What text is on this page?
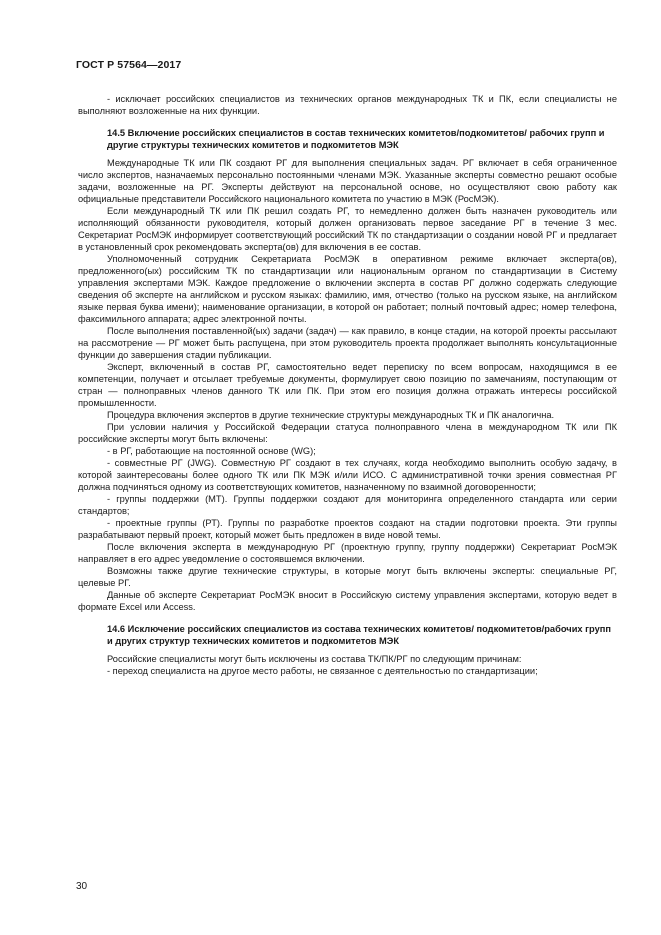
ГОСТ Р 57564—2017

- исключает российских специалистов из технических органов международных ТК и ПК, если специалисты не выполняют возложенные на них функции.

14.5 Включение российских специалистов в состав технических комитетов/подкомитетов/ рабочих групп и другие структуры технических комитетов и подкомитетов МЭК

Международные ТК или ПК создают РГ для выполнения специальных задач. РГ включает в себя ограниченное число экспертов, назначаемых персонально постоянными членами МЭК. Указанные эксперты совместно решают особые задачи, возложенные на РГ. Эксперты действуют на персональной основе, но осуществляют свою работу как официальные представители Российского национального комитета по участию в МЭК (РосМЭК).

Если международный ТК или ПК решил создать РГ, то немедленно должен быть назначен руководитель или исполняющий обязанности руководителя, который должен организовать первое заседание РГ в течение 3 мес. Секретариат РосМЭК информирует соответствующий российский ТК по стандартизации о создании новой РГ и предлагает в установленный срок рекомендовать эксперта(ов) для включения в ее состав.

Уполномоченный сотрудник Секретариата РосМЭК в оперативном режиме включает эксперта(ов), предложенного(ых) российским ТК по стандартизации или национальным органом по стандартизации в Систему управления экспертами МЭК. Каждое предложение о включении эксперта в состав РГ должно содержать следующие сведения об эксперте на английском и русском языках: фамилию, имя, отчество (только на русском языке, на английском языке первая буква имени); наименование организации, в которой он работает; полный почтовый адрес; номер телефона, факсимильного аппарата; адрес электронной почты.

После выполнения поставленной(ых) задачи (задач) — как правило, в конце стадии, на которой проекты рассылают на рассмотрение — РГ может быть распущена, при этом руководитель проекта продолжает выполнять консультационные функции до завершения стадии публикации.

Эксперт, включенный в состав РГ, самостоятельно ведет переписку по всем вопросам, находящимся в ее компетенции, получает и отсылает требуемые документы, формулирует свою позицию по замечаниям, поступающим от стран — полноправных членов данного ТК или ПК. При этом его позиция должна отражать интересы российской промышленности.

Процедура включения экспертов в другие технические структуры международных ТК и ПК аналогична.

При условии наличия у Российской Федерации статуса полноправного члена в международном ТК или ПК российские эксперты могут быть включены:

- в РГ, работающие на постоянной основе (WG);

- совместные РГ (JWG). Совместную РГ создают в тех случаях, когда необходимо выполнить особую задачу, в которой заинтересованы более одного ТК или ПК МЭК и/или ИСО. С административной точки зрения совместная РГ должна подчиняться одному из соответствующих комитетов, назначенному по взаимной договоренности;

- группы поддержки (МТ). Группы поддержки создают для мониторинга определенного стандарта или серии стандартов;

- проектные группы (РТ). Группы по разработке проектов создают на стадии подготовки проекта. Эти группы разрабатывают первый проект, который может быть предложен в виде новой темы.

После включения эксперта в международную РГ (проектную группу, группу поддержки) Секретариат РосМЭК направляет в его адрес уведомление о состоявшемся включении.

Возможны также другие технические структуры, в которые могут быть включены эксперты: специальные РГ, целевые РГ.

Данные об эксперте Секретариат РосМЭК вносит в Российскую систему управления экспертами, которую ведет в формате Excel или Access.

14.6 Исключение российских специалистов из состава технических комитетов/ подкомитетов/рабочих групп и других структур технических комитетов и подкомитетов МЭК

Российские специалисты могут быть исключены из состава ТК/ПК/РГ по следующим причинам:

- переход специалиста на другое место работы, не связанное с деятельностью по стандартизации;

30
